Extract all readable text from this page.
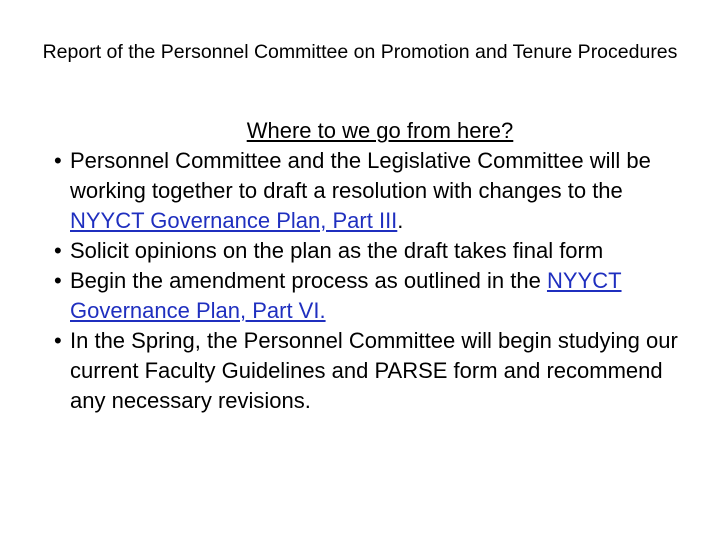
Report of the Personnel Committee on Promotion and Tenure Procedures
Where to we go from here?
• Personnel Committee and the Legislative Committee will be working together to draft a resolution with changes to the NYYCT Governance Plan, Part III.
• Solicit opinions on the plan as the draft takes final form
• Begin the amendment process as outlined in the NYYCT Governance Plan, Part VI.
• In the Spring, the Personnel Committee will begin studying our current Faculty Guidelines and PARSE form and recommend any necessary revisions.
